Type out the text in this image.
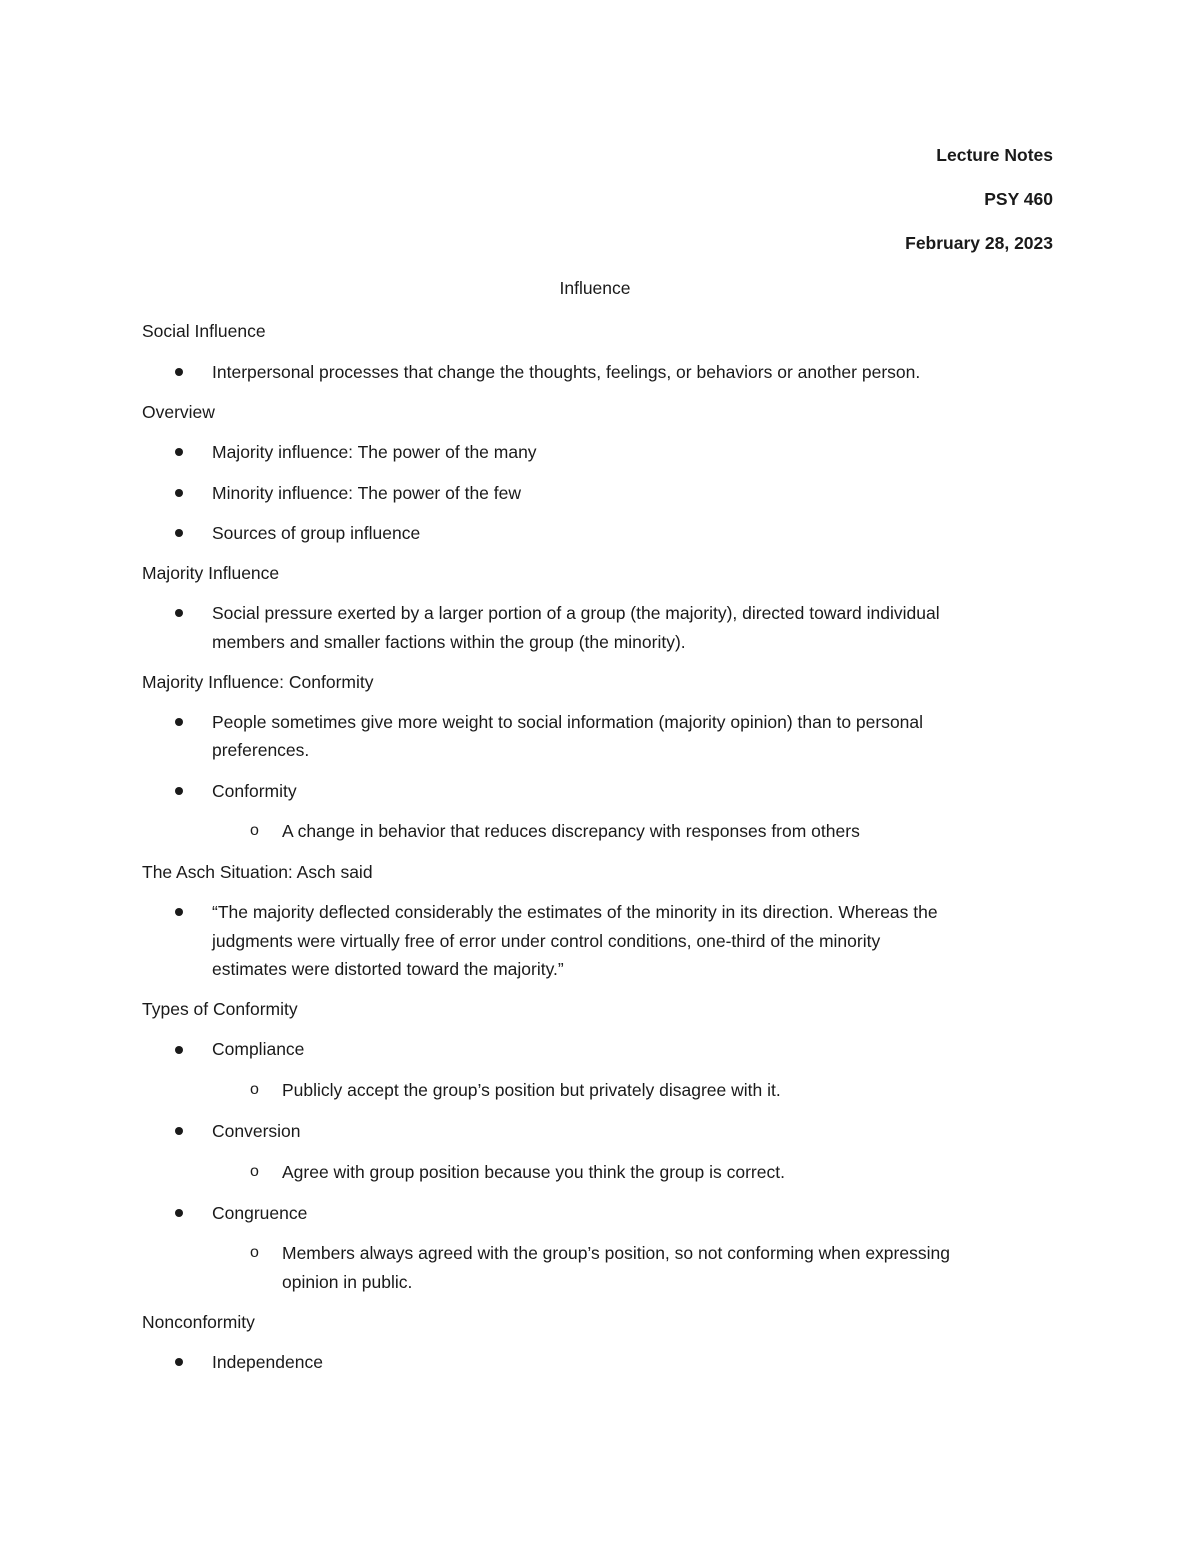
Lecture Notes
PSY 460
February 28, 2023
Influence
Social Influence
Interpersonal processes that change the thoughts, feelings, or behaviors or another person.
Overview
Majority influence: The power of the many
Minority influence: The power of the few
Sources of group influence
Majority Influence
Social pressure exerted by a larger portion of a group (the majority), directed toward individual
members and smaller factions within the group (the minority).
Majority Influence: Conformity
People sometimes give more weight to social information (majority opinion) than to personal
preferences.
Conformity
o A change in behavior that reduces discrepancy with responses from others
The Asch Situation: Asch said
“The majority deflected considerably the estimates of the minority in its direction. Whereas the
judgments were virtually free of error under control conditions, one-third of the minority
estimates were distorted toward the majority.”
Types of Conformity
Compliance
o Publicly accept the group’s position but privately disagree with it.
Conversion
o Agree with group position because you think the group is correct.
Congruence
o Members always agreed with the group’s position, so not conforming when expressing
opinion in public.
Nonconformity
Independence
